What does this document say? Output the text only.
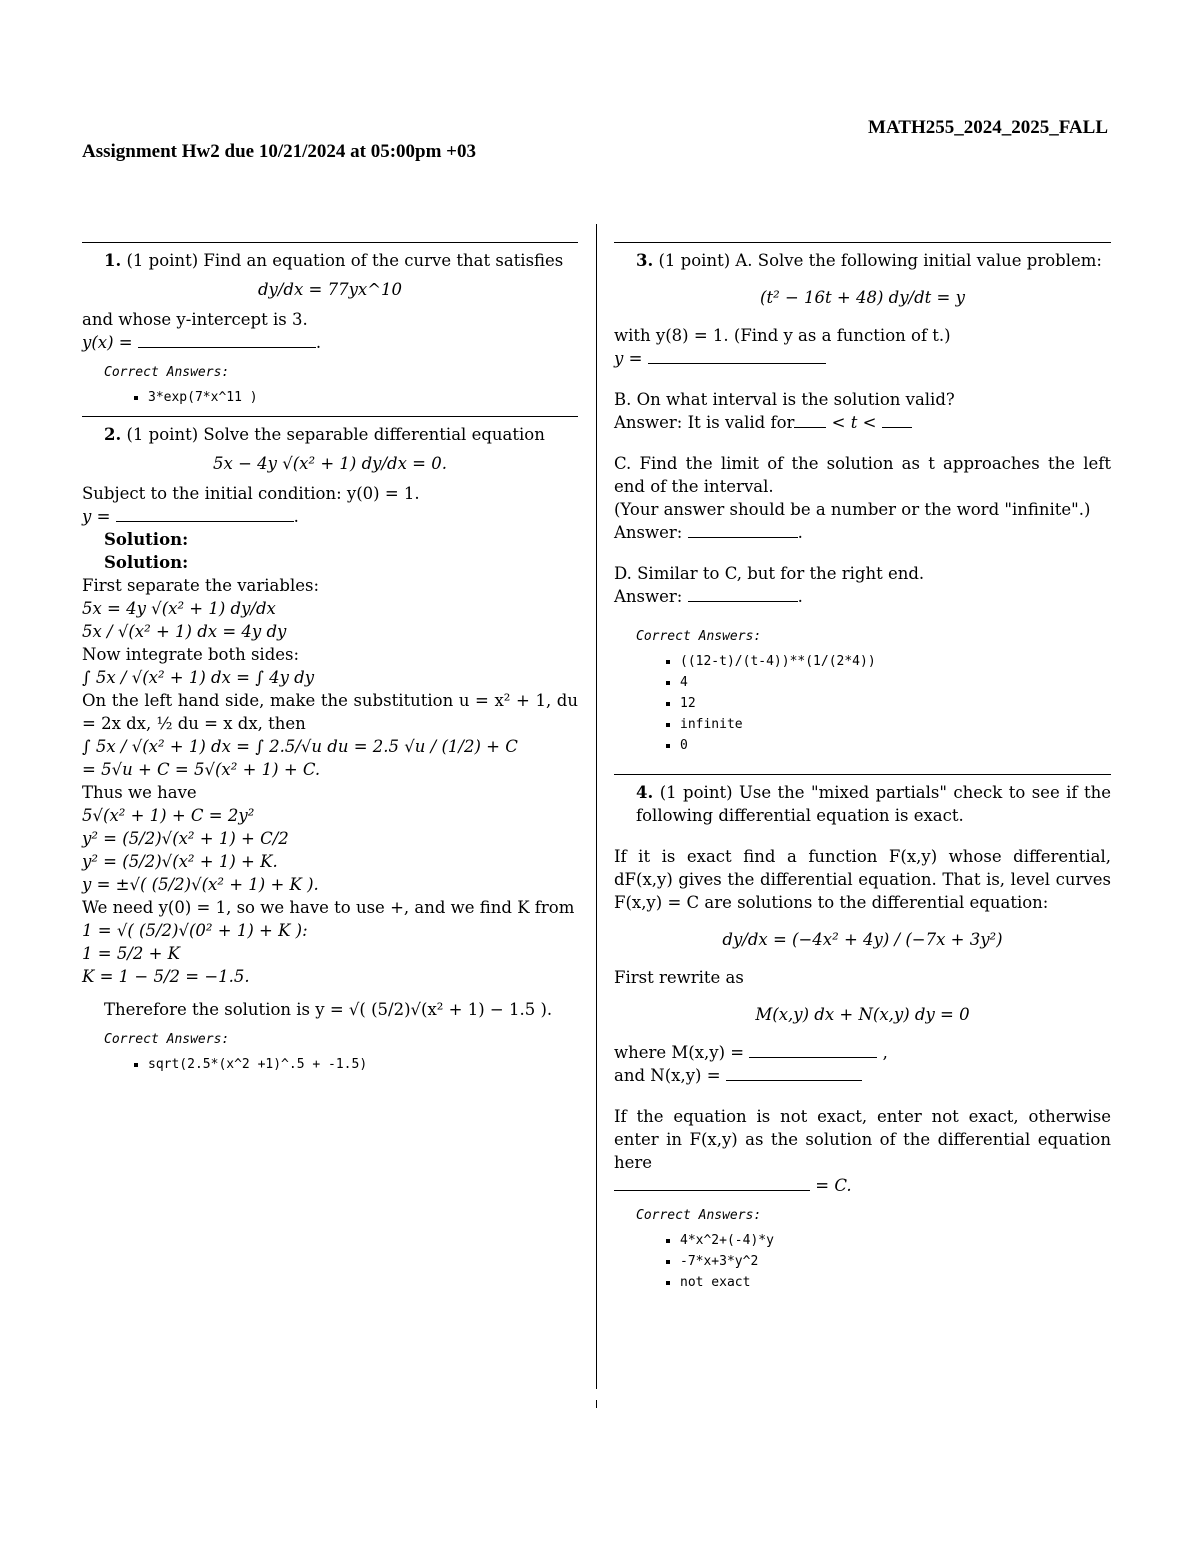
MATH255_2024_2025_FALL
Assignment Hw2 due 10/21/2024 at 05:00pm +03

1. (1 point) Find an equation of the curve that satisfies

dy/dx = 77yx^10

and whose y-intercept is 3.

y(x) =	.

Correct Answers:

▪ 3*exp(7*x^11 )

2. (1 point) Solve the separable differential equation

5x − 4y √(x² + 1) dy/dx = 0.

Subject to the initial condition: y(0) = 1.

y =	.

Solution:

Solution:

First separate the variables:

5x = 4y √(x² + 1) dy/dx

5x / √(x² + 1) dx = 4y dy

Now integrate both sides:

∫ 5x / √(x² + 1) dx = ∫ 4y dy

On the left hand side, make the substitution u = x² + 1, du = 2x dx, ½ du = x dx, then

∫ 5x / √(x² + 1) dx = ∫ 2.5/√u du = 2.5 √u / (1/2) + C

= 5√u + C = 5√(x² + 1) + C.

Thus we have

5√(x² + 1) + C = 2y²

y² = (5/2)√(x² + 1) + C/2

y² = (5/2)√(x² + 1) + K.

y = ±√( (5/2)√(x² + 1) + K ).

We need y(0) = 1, so we have to use +, and we find K from

1 = √( (5/2)√(0² + 1) + K ):

1 = 5/2 + K

K = 1 − 5/2 = −1.5.

Therefore the solution is y = √( (5/2)√(x² + 1) − 1.5 ).

Correct Answers:

▪ sqrt(2.5*(x^2 +1)^.5 + -1.5)

3. (1 point) A. Solve the following initial value problem:

(t² − 16t + 48) dy/dt = y

with y(8) = 1. (Find y as a function of t.)

y =

B. On what interval is the solution valid?

Answer: It is valid for < t <

C. Find the limit of the solution as t approaches the left end of the interval.

(Your answer should be a number or the word "infinite".)

Answer:	.

D. Similar to C, but for the right end.

Answer:	.

Correct Answers:

▪ ((12-t)/(t-4))**(1/(2*4))
▪ 4
▪ 12
▪ infinite
▪ 0

4. (1 point) Use the "mixed partials" check to see if the following differential equation is exact.

If it is exact find a function F(x,y) whose differential, dF(x,y) gives the differential equation. That is, level curves F(x,y) = C are solutions to the differential equation:

dy/dx = (−4x² + 4y) / (−7x + 3y²)

First rewrite as

M(x,y) dx + N(x,y) dy = 0

where M(x,y) =	,

and N(x,y) =

If the equation is not exact, enter not exact, otherwise enter in F(x,y) as the solution of the differential equation here

= C.

Correct Answers:

▪ 4*x^2+(-4)*y
▪ -7*x+3*y^2
▪ not exact
